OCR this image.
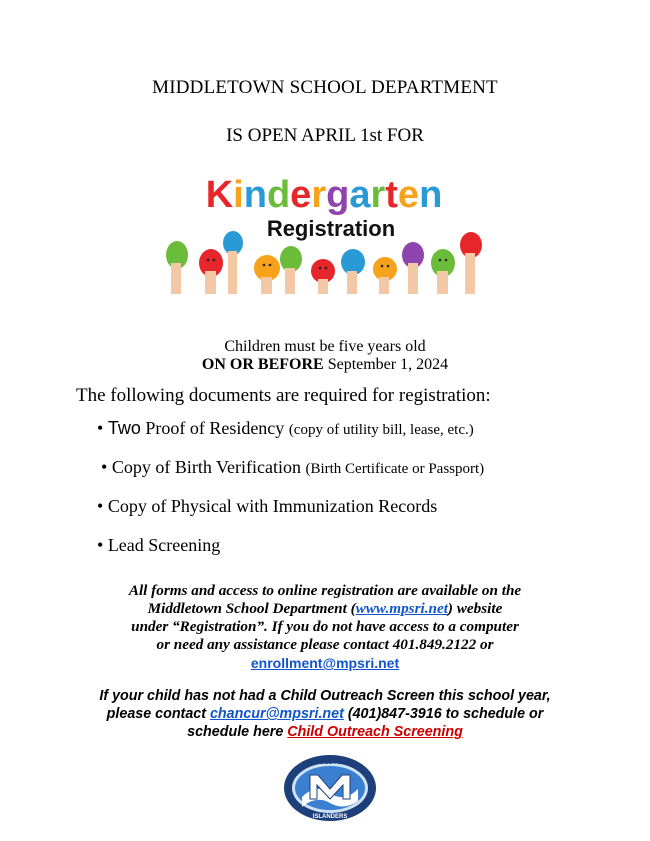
MIDDLETOWN SCHOOL DEPARTMENT
IS OPEN APRIL 1st FOR
Kindergarten
Registration
Children must be five years old
ON OR BEFORE September 1, 2024
The following documents are required for registration:
• Two Proof of Residency (copy of utility bill, lease, etc.)
• Copy of Birth Verification (Birth Certificate or Passport)
• Copy of Physical with Immunization Records
• Lead Screening
All forms and access to online registration are available on the
Middletown School Department (www.mpsri.net) website
under “Registration”. If you do not have access to a computer
or need any assistance please contact 401.849.2122 or
enrollment@mpsri.net
If your child has not had a Child Outreach Screen this school year,
please contact chancur@mpsri.net (401)847-3916 to schedule or
schedule here Child Outreach Screening
MIDDLETOWN
ISLANDERS
